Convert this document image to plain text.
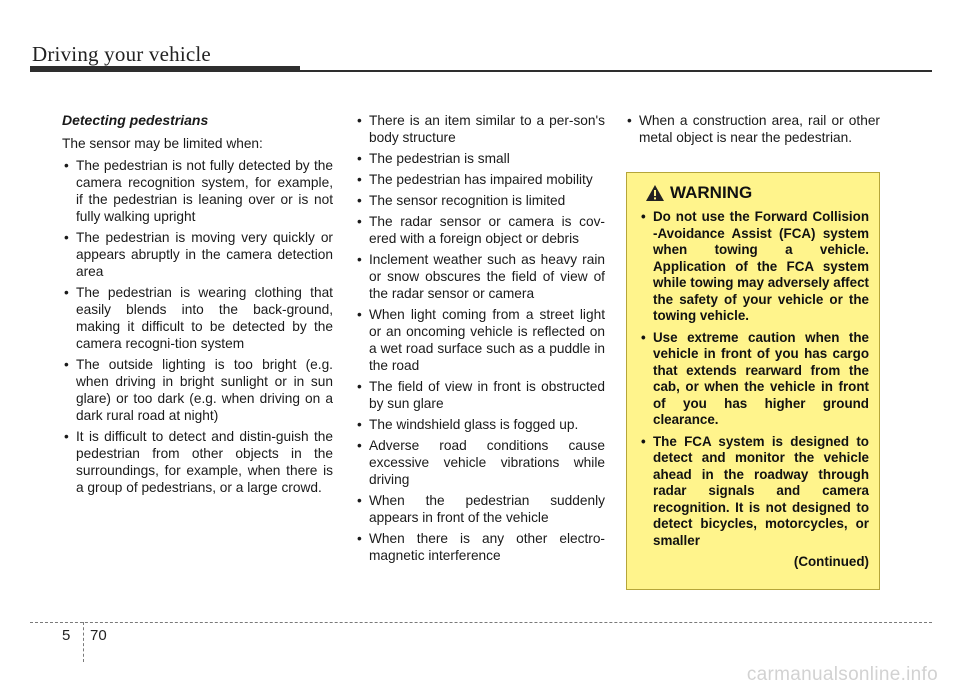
Driving your vehicle
Detecting pedestrians
The sensor may be limited when:
• The pedestrian is not fully detected by the camera recognition system, for example, if the pedestrian is leaning over or is not fully walking upright
• The pedestrian is moving very quickly or appears abruptly in the camera detection area
• The pedestrian is wearing clothing that easily blends into the back-ground, making it difficult to be detected by the camera recogni-tion system
• The outside lighting is too bright (e.g. when driving in bright sunlight or in sun glare) or too dark (e.g. when driving on a dark rural road at night)
• It is difficult to detect and distin-guish the pedestrian from other objects in the surroundings, for example, when there is a group of pedestrians, or a large crowd.
• There is an item similar to a per-son's body structure
• The pedestrian is small
• The pedestrian has impaired mobility
• The sensor recognition is limited
• The radar sensor or camera is cov-ered with a foreign object or debris
• Inclement weather such as heavy rain or snow obscures the field of view of the radar sensor or camera
• When light coming from a street light or an oncoming vehicle is reflected on a wet road surface such as a puddle in the road
• The field of view in front is obstructed by sun glare
• The windshield glass is fogged up.
• Adverse road conditions cause excessive vehicle vibrations while driving
• When the pedestrian suddenly appears in front of the vehicle
• When there is any other electro-magnetic interference
• When a construction area, rail or other metal object is near the pedestrian.
WARNING
• Do not use the Forward Collision -Avoidance Assist (FCA) system when towing a vehicle. Application of the FCA system while towing may adversely affect the safety of your vehicle or the towing vehicle.
• Use extreme caution when the vehicle in front of you has cargo that extends rearward from the cab, or when the vehicle in front of you has higher ground clearance.
• The FCA system is designed to detect and monitor the vehicle ahead in the roadway through radar signals and camera recognition. It is not designed to detect bicycles, motorcycles, or smaller
(Continued)
5 70
carmanualsonline.info
